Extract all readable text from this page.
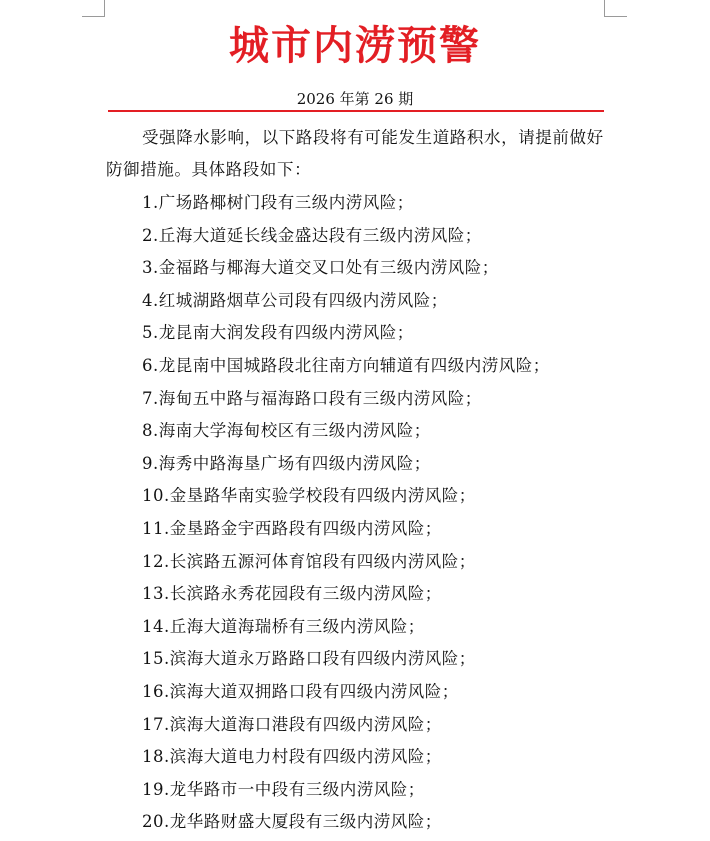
城市内涝预警
2026 年第 26 期

受强降水影响，以下路段将有可能发生道路积水，请提前做好防御措施。具体路段如下：

1.广场路椰树门段有三级内涝风险；
2.丘海大道延长线金盛达段有三级内涝风险；
3.金福路与椰海大道交叉口处有三级内涝风险；
4.红城湖路烟草公司段有四级内涝风险；
5.龙昆南大润发段有四级内涝风险；
6.龙昆南中国城路段北往南方向辅道有四级内涝风险；
7.海甸五中路与福海路口段有三级内涝风险；
8.海南大学海甸校区有三级内涝风险；
9.海秀中路海垦广场有四级内涝风险；
10.金垦路华南实验学校段有四级内涝风险；
11.金垦路金宇西路段有四级内涝风险；
12.长滨路五源河体育馆段有四级内涝风险；
13.长滨路永秀花园段有三级内涝风险；
14.丘海大道海瑞桥有三级内涝风险；
15.滨海大道永万路路口段有四级内涝风险；
16.滨海大道双拥路口段有四级内涝风险；
17.滨海大道海口港段有四级内涝风险；
18.滨海大道电力村段有四级内涝风险；
19.龙华路市一中段有三级内涝风险；
20.龙华路财盛大厦段有三级内涝风险；
